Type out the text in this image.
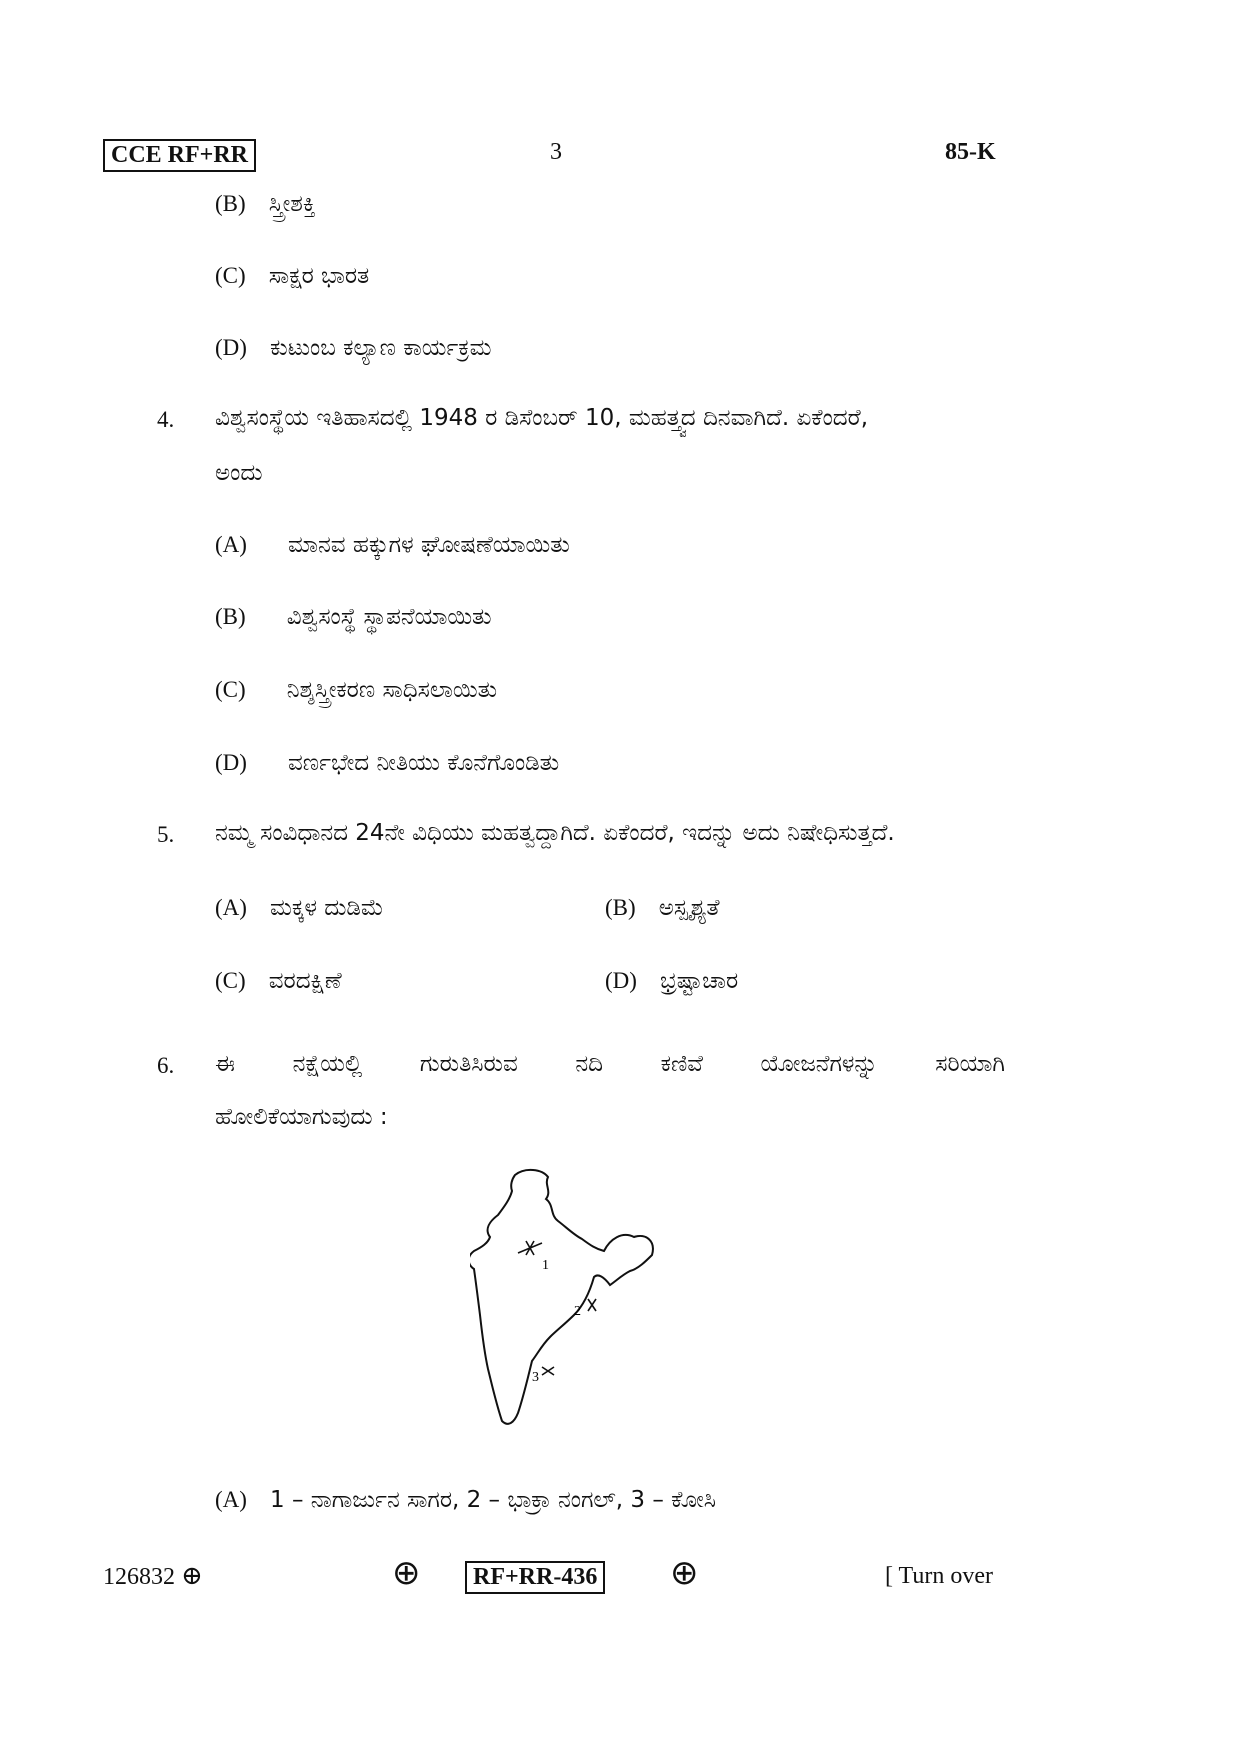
CCE RF+RR	3	85-K
(B) ಸ್ತ್ರೀಶಕ್ತಿ
(C) ಸಾಕ್ಷರ ಭಾರತ
(D) ಕುಟುಂಬ ಕಲ್ಯಾಣ ಕಾರ್ಯಕ್ರಮ
4. ವಿಶ್ವಸಂಸ್ಥೆಯ ಇತಿಹಾಸದಲ್ಲಿ 1948 ರ ಡಿಸೆಂಬರ್ 10, ಮಹತ್ತ್ವದ ದಿನವಾಗಿದೆ. ಏಕೆಂದರೆ,
ಅಂದು
(A) ಮಾನವ ಹಕ್ಕುಗಳ ಘೋಷಣೆಯಾಯಿತು
(B) ವಿಶ್ವಸಂಸ್ಥೆ ಸ್ಥಾಪನೆಯಾಯಿತು
(C) ನಿಶ್ಶಸ್ತ್ರೀಕರಣ ಸಾಧಿಸಲಾಯಿತು
(D) ವರ್ಣಭೇದ ನೀತಿಯು ಕೊನೆಗೊಂಡಿತು
5. ನಮ್ಮ ಸಂವಿಧಾನದ 24ನೇ ವಿಧಿಯು ಮಹತ್ವದ್ದಾಗಿದೆ. ಏಕೆಂದರೆ, ಇದನ್ನು ಅದು ನಿಷೇಧಿಸುತ್ತದೆ.
(A) ಮಕ್ಕಳ ದುಡಿಮೆ	(B) ಅಸ್ಪೃಶ್ಯತೆ
(C) ವರದಕ್ಷಿಣೆ	(D) ಭ್ರಷ್ಟಾಚಾರ
6. ಈ	ನಕ್ಷೆಯಲ್ಲಿ	ಗುರುತಿಸಿರುವ	ನದಿ	ಕಣಿವೆ	ಯೋಜನೆಗಳನ್ನು	ಸರಿಯಾಗಿ
ಹೋಲಿಕೆಯಾಗುವುದು :
1
2
3
(A) 1 – ನಾಗಾರ್ಜುನ ಸಾಗರ, 2 – ಭಾಕ್ರಾ ನಂಗಲ್, 3 – ಕೋಸಿ
126832 ⊕	⊕	RF+RR-436 ⊕	[ Turn over
